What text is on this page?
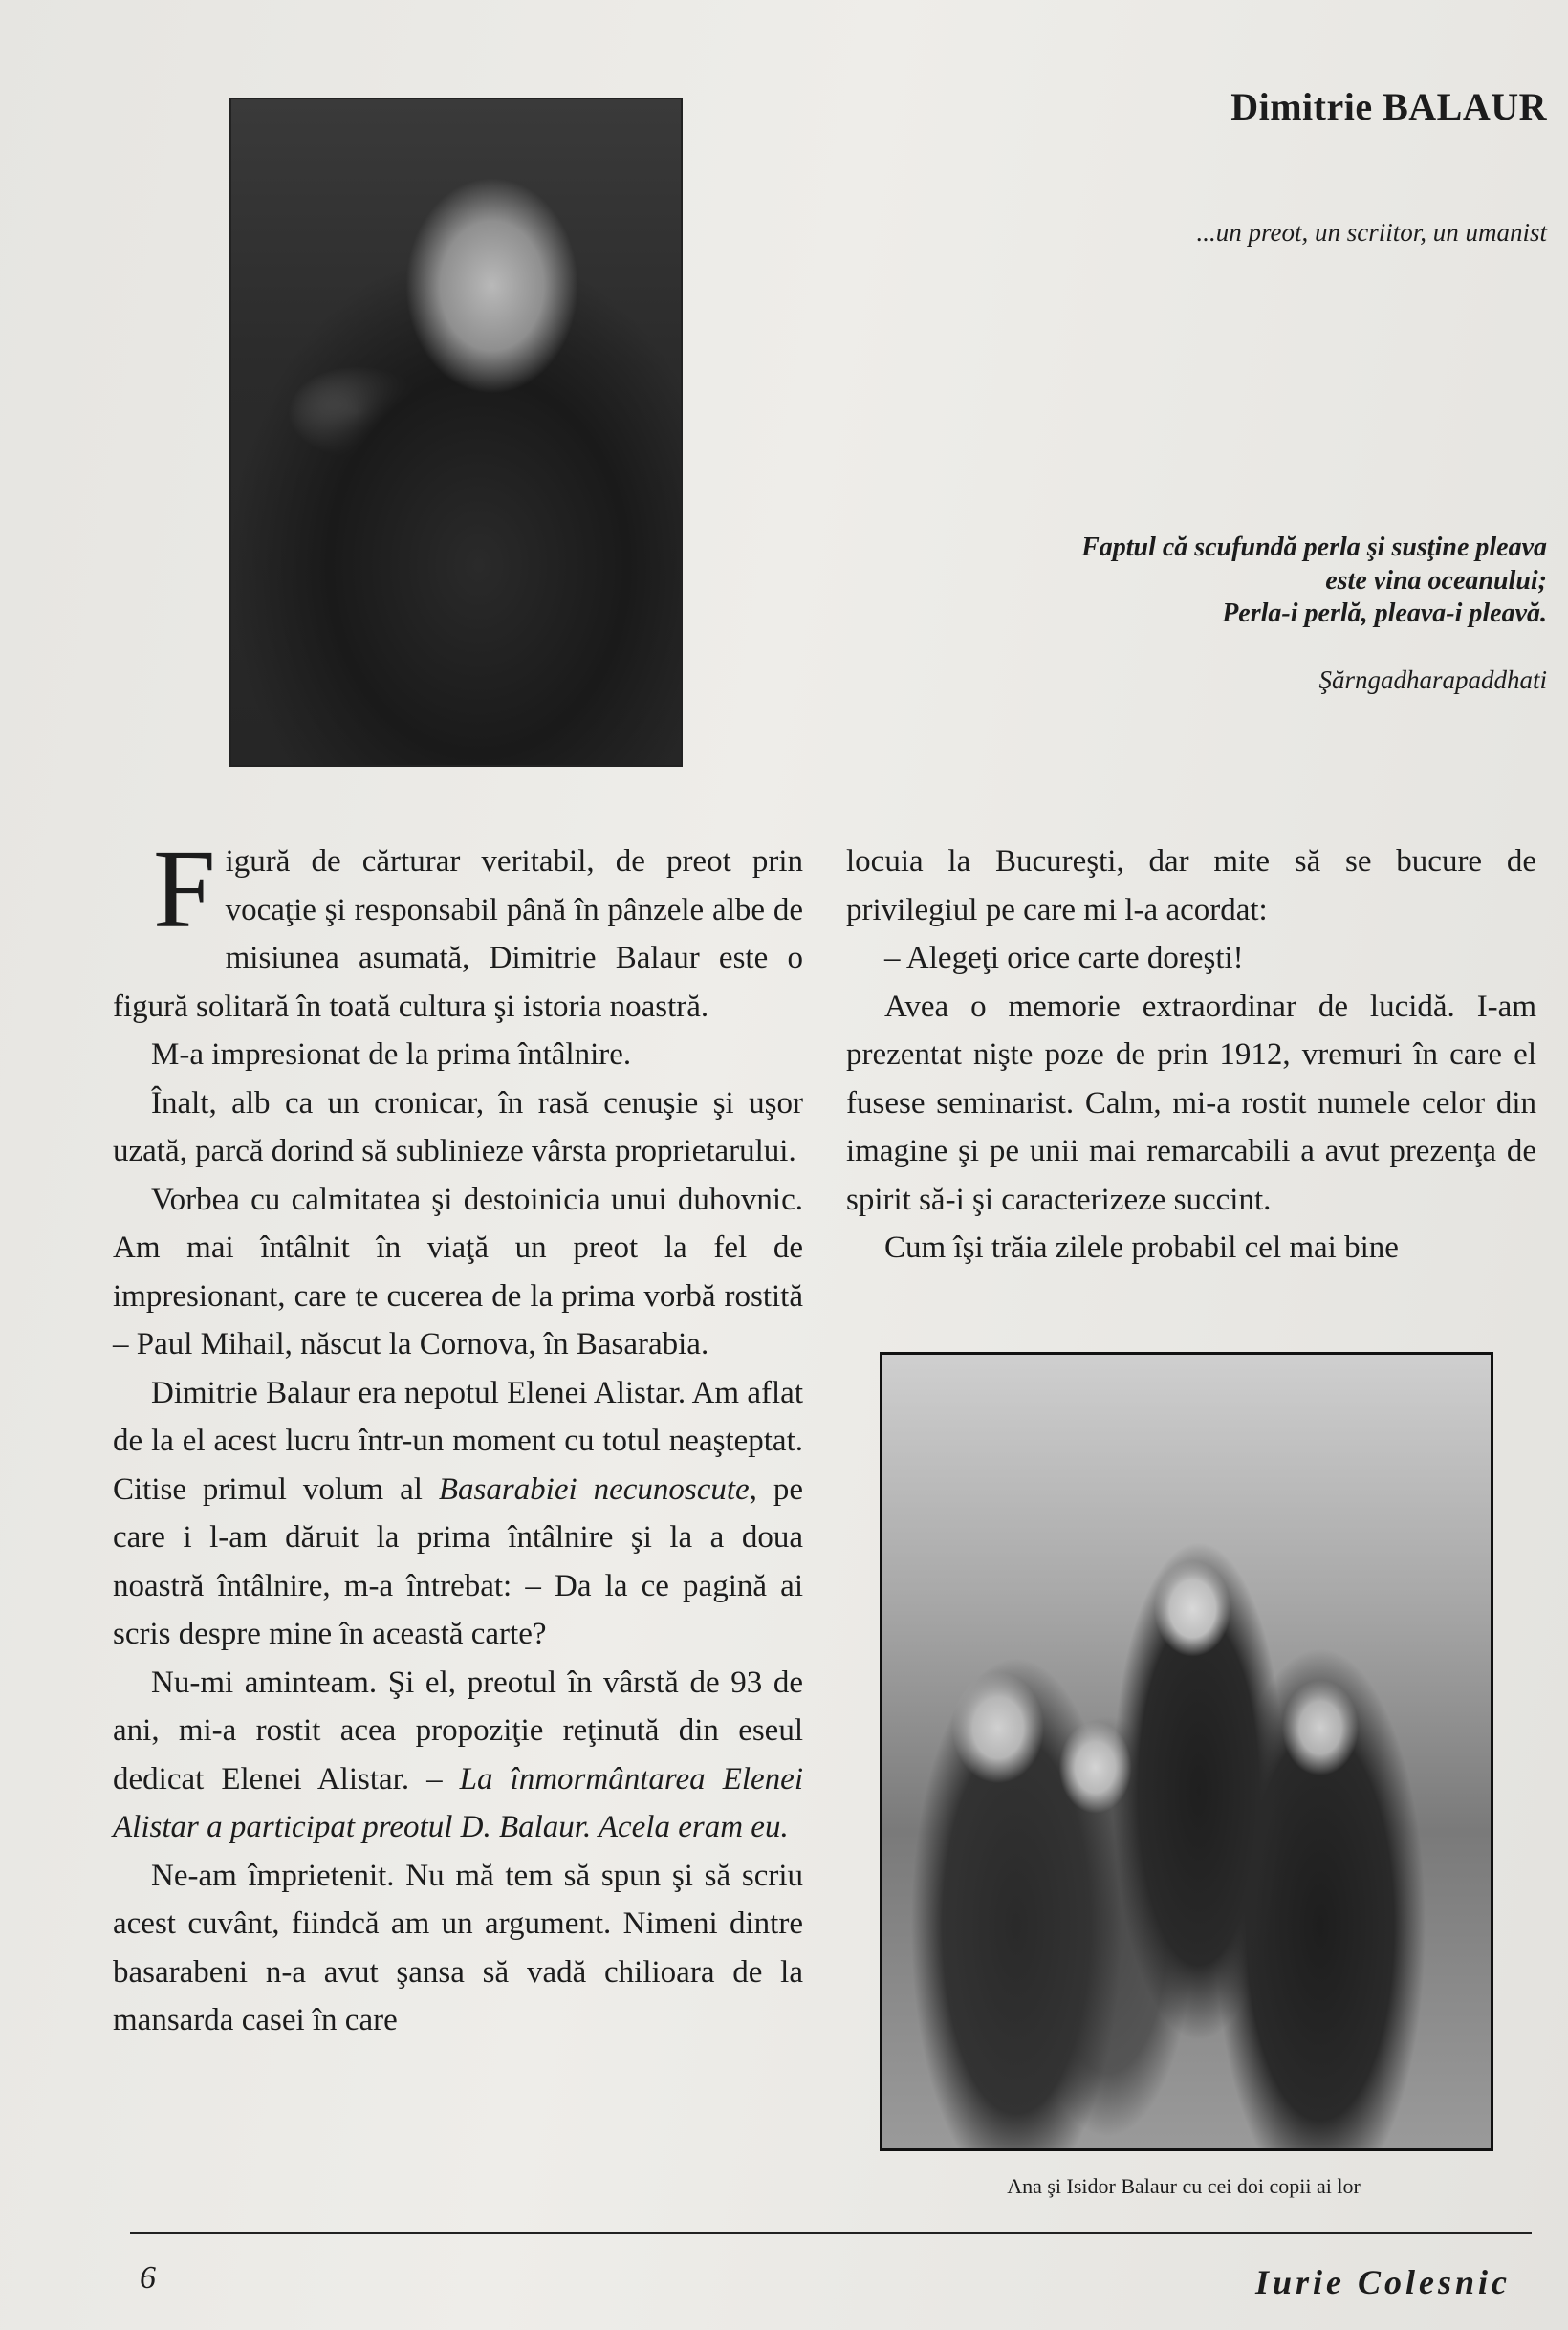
Dimitrie BALAUR

...un preot, un scriitor, un umanist

Faptul că scufundă perla şi susţine pleava
este vina oceanului;
Perla-i perlă, pleava-i pleavă.

Şărngadharapaddhati

Figură de cărturar veritabil, de preot prin vocaţie şi responsabil până în pânzele albe de misiunea asumată, Dimitrie Balaur este o figură solitară în toată cultura şi istoria noastră.

M-a impresionat de la prima întâlnire.

Înalt, alb ca un cronicar, în rasă cenuşie şi uşor uzată, parcă dorind să sublinieze vârsta proprietarului.

Vorbea cu calmitatea şi destoinicia unui duhovnic. Am mai întâlnit în viaţă un preot la fel de impresionant, care te cucerea de la prima vorbă rostită – Paul Mihail, născut la Cornova, în Basarabia.

Dimitrie Balaur era nepotul Elenei Alistar. Am aflat de la el acest lucru într-un moment cu totul neaşteptat. Citise primul volum al Basarabiei necunoscute, pe care i l-am dăruit la prima întâlnire şi la a doua noastră întâlnire, m-a întrebat: – Da la ce pagină ai scris despre mine în această carte?

Nu-mi aminteam. Şi el, preotul în vârstă de 93 de ani, mi-a rostit acea propoziţie reţinută din eseul dedicat Elenei Alistar. – La înmormântarea Elenei Alistar a participat preotul D. Balaur. Acela eram eu.

Ne-am împrietenit. Nu mă tem să spun şi să scriu acest cuvânt, fiindcă am un argument. Nimeni dintre basarabeni n-a avut şansa să vadă chilioara de la mansarda casei în care

locuia la Bucureşti, dar mite să se bucure de privilegiul pe care mi l-a acordat:

– Alegeţi orice carte doreşti!

Avea o memorie extraordinar de lucidă. I-am prezentat nişte poze de prin 1912, vremuri în care el fusese seminarist. Calm, mi-a rostit numele celor din imagine şi pe unii mai remarcabili a avut prezenţa de spirit să-i şi caracterizeze succint.

Cum îşi trăia zilele probabil cel mai bine

Ana şi Isidor Balaur cu cei doi copii ai lor

6	Iurie Colesnic
